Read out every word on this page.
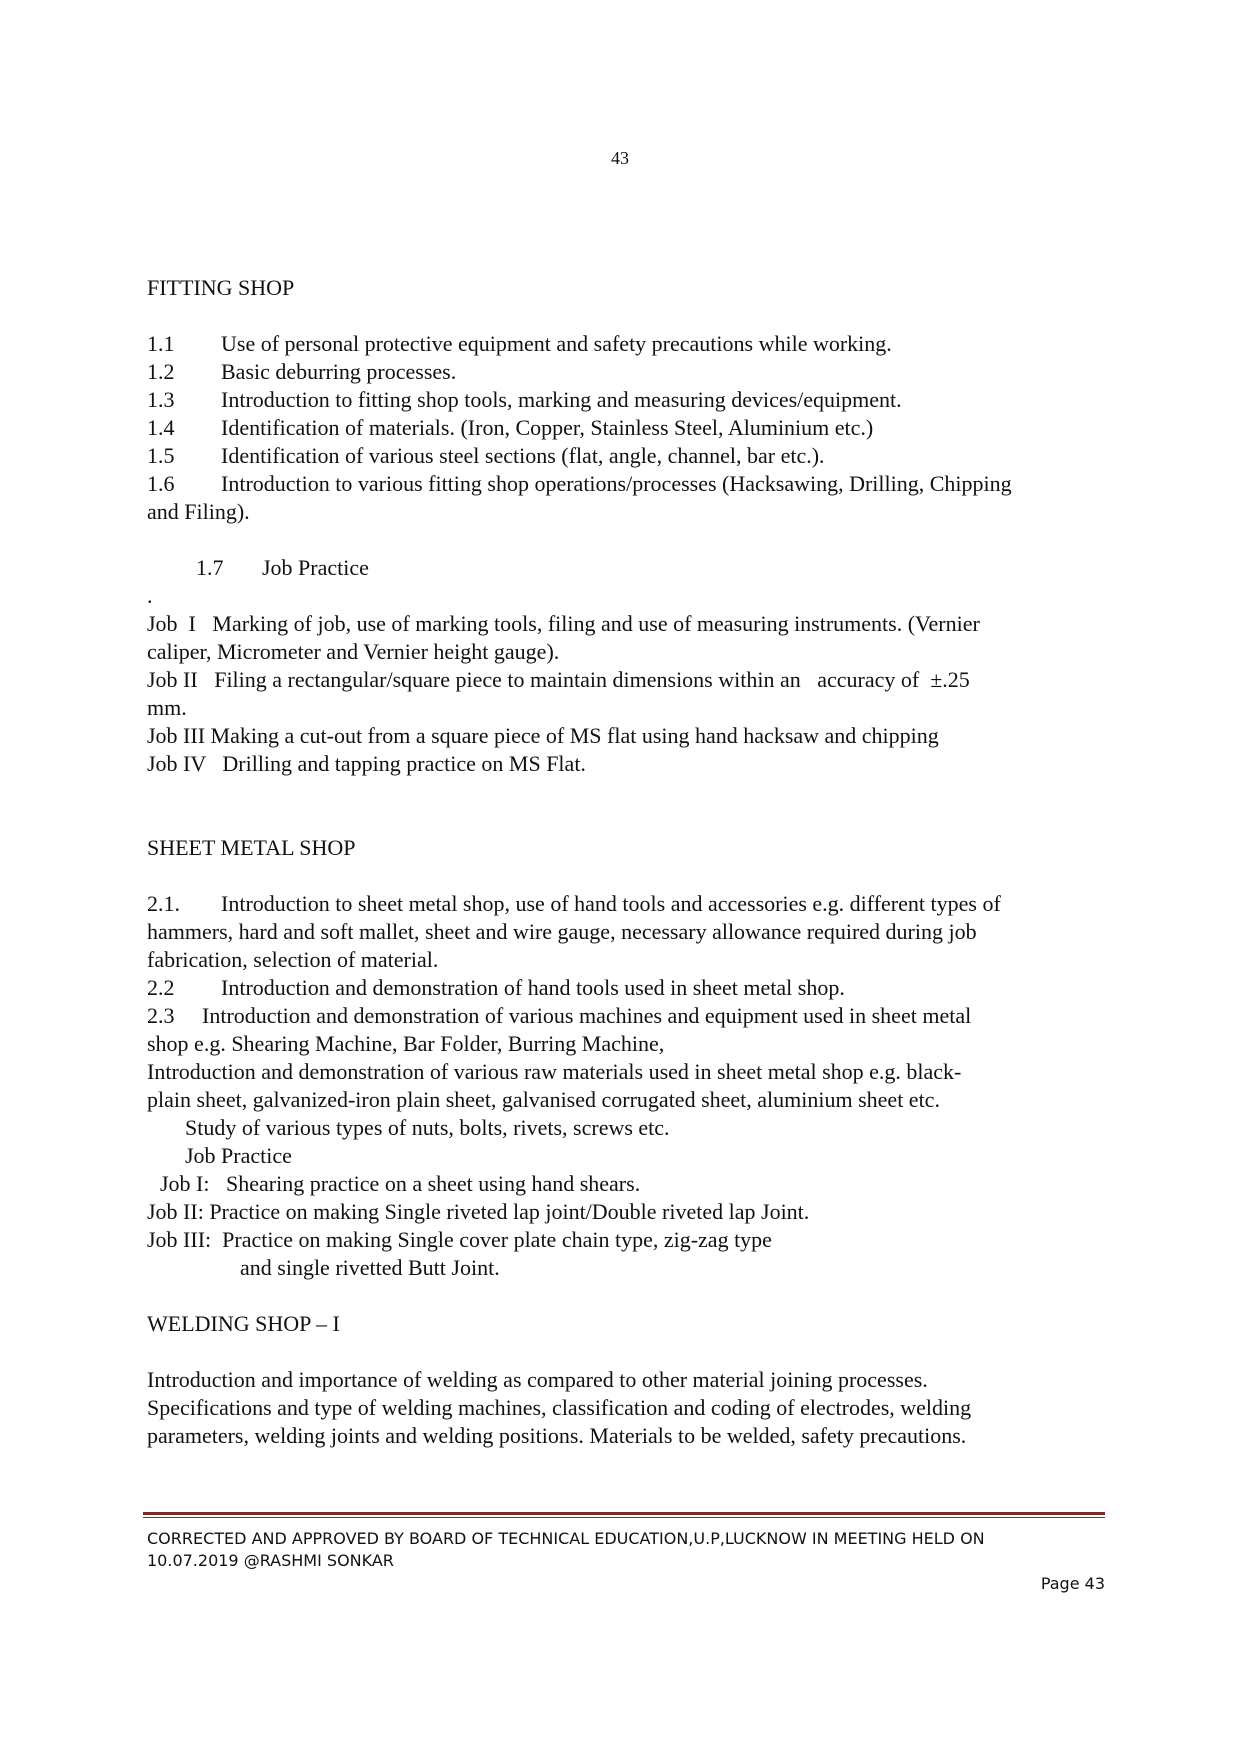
43
FITTING SHOP
1.1	Use of personal protective equipment and safety precautions while working.
1.2	Basic deburring processes.
1.3	Introduction to fitting shop tools, marking and measuring devices/equipment.
1.4	Identification of materials. (Iron, Copper, Stainless Steel, Aluminium etc.)
1.5	Identification of various steel sections (flat, angle, channel, bar etc.).
1.6	Introduction to various fitting shop operations/processes (Hacksawing, Drilling, Chipping
and Filing).
1.7	Job Practice
.
Job  I   Marking of job, use of marking tools, filing and use of measuring instruments. (Vernier
caliper, Micrometer and Vernier height gauge).
Job II   Filing a rectangular/square piece to maintain dimensions within an   accuracy of  ±.25
mm.
Job III Making a cut-out from a square piece of MS flat using hand hacksaw and chipping
Job IV   Drilling and tapping practice on MS Flat.
SHEET METAL SHOP
2.1.	Introduction to sheet metal shop, use of hand tools and accessories e.g. different types of
hammers, hard and soft mallet, sheet and wire gauge, necessary allowance required during job
fabrication, selection of material.
2.2	Introduction and demonstration of hand tools used in sheet metal shop.
2.3     Introduction and demonstration of various machines and equipment used in sheet metal
shop e.g. Shearing Machine, Bar Folder, Burring Machine,
Introduction and demonstration of various raw materials used in sheet metal shop e.g. black-
plain sheet, galvanized-iron plain sheet, galvanised corrugated sheet, aluminium sheet etc.
Study of various types of nuts, bolts, rivets, screws etc.
Job Practice
Job I:   Shearing practice on a sheet using hand shears.
Job II: Practice on making Single riveted lap joint/Double riveted lap Joint.
Job III:  Practice on making Single cover plate chain type, zig-zag type
and single rivetted Butt Joint.
WELDING SHOP – I
Introduction and importance of welding as compared to other material joining processes.
Specifications and type of welding machines, classification and coding of electrodes, welding
parameters, welding joints and welding positions. Materials to be welded, safety precautions.
CORRECTED AND APPROVED BY BOARD OF TECHNICAL EDUCATION,U.P,LUCKNOW IN MEETING HELD ON
10.07.2019 @RASHMI SONKAR
Page 43
